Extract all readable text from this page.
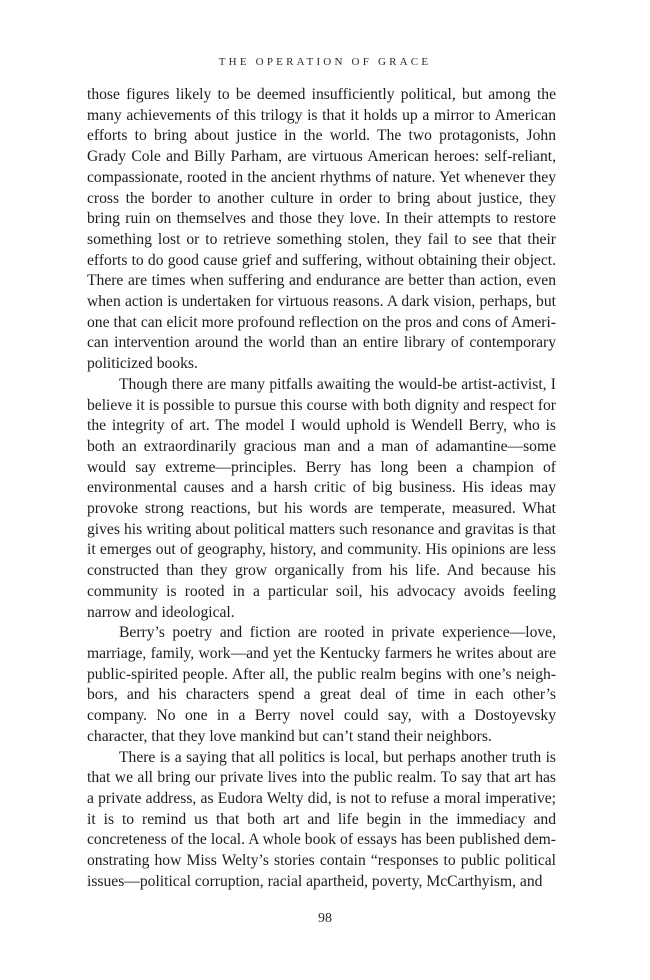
THE OPERATION OF GRACE

those figures likely to be deemed insufficiently political, but among the many achievements of this trilogy is that it holds up a mirror to American efforts to bring about justice in the world. The two protagonists, John Grady Cole and Billy Parham, are virtuous American heroes: self-reliant, compassionate, rooted in the ancient rhythms of nature. Yet whenever they cross the border to another culture in order to bring about justice, they bring ruin on themselves and those they love. In their attempts to restore something lost or to retrieve something stolen, they fail to see that their efforts to do good cause grief and suffering, without obtaining their object. There are times when suffering and endurance are better than action, even when action is undertaken for virtuous reasons. A dark vision, perhaps, but one that can elicit more profound reflection on the pros and cons of American intervention around the world than an entire library of contemporary politicized books.

Though there are many pitfalls awaiting the would-be artist-activist, I believe it is possible to pursue this course with both dignity and respect for the integrity of art. The model I would uphold is Wendell Berry, who is both an extraordinarily gracious man and a man of adamantine—some would say extreme—principles. Berry has long been a champion of environmental causes and a harsh critic of big business. His ideas may provoke strong reactions, but his words are temperate, measured. What gives his writing about political matters such resonance and gravitas is that it emerges out of geography, history, and community. His opinions are less constructed than they grow organically from his life. And because his community is rooted in a particular soil, his advocacy avoids feeling narrow and ideological.

Berry’s poetry and fiction are rooted in private experience—love, marriage, family, work—and yet the Kentucky farmers he writes about are public-spirited people. After all, the public realm begins with one’s neighbors, and his characters spend a great deal of time in each other’s company. No one in a Berry novel could say, with a Dostoyevsky character, that they love mankind but can’t stand their neighbors.

There is a saying that all politics is local, but perhaps another truth is that we all bring our private lives into the public realm. To say that art has a private address, as Eudora Welty did, is not to refuse a moral imperative; it is to remind us that both art and life begin in the immediacy and concreteness of the local. A whole book of essays has been published demonstrating how Miss Welty’s stories contain “responses to public political issues—political corruption, racial apartheid, poverty, McCarthyism, and

98
